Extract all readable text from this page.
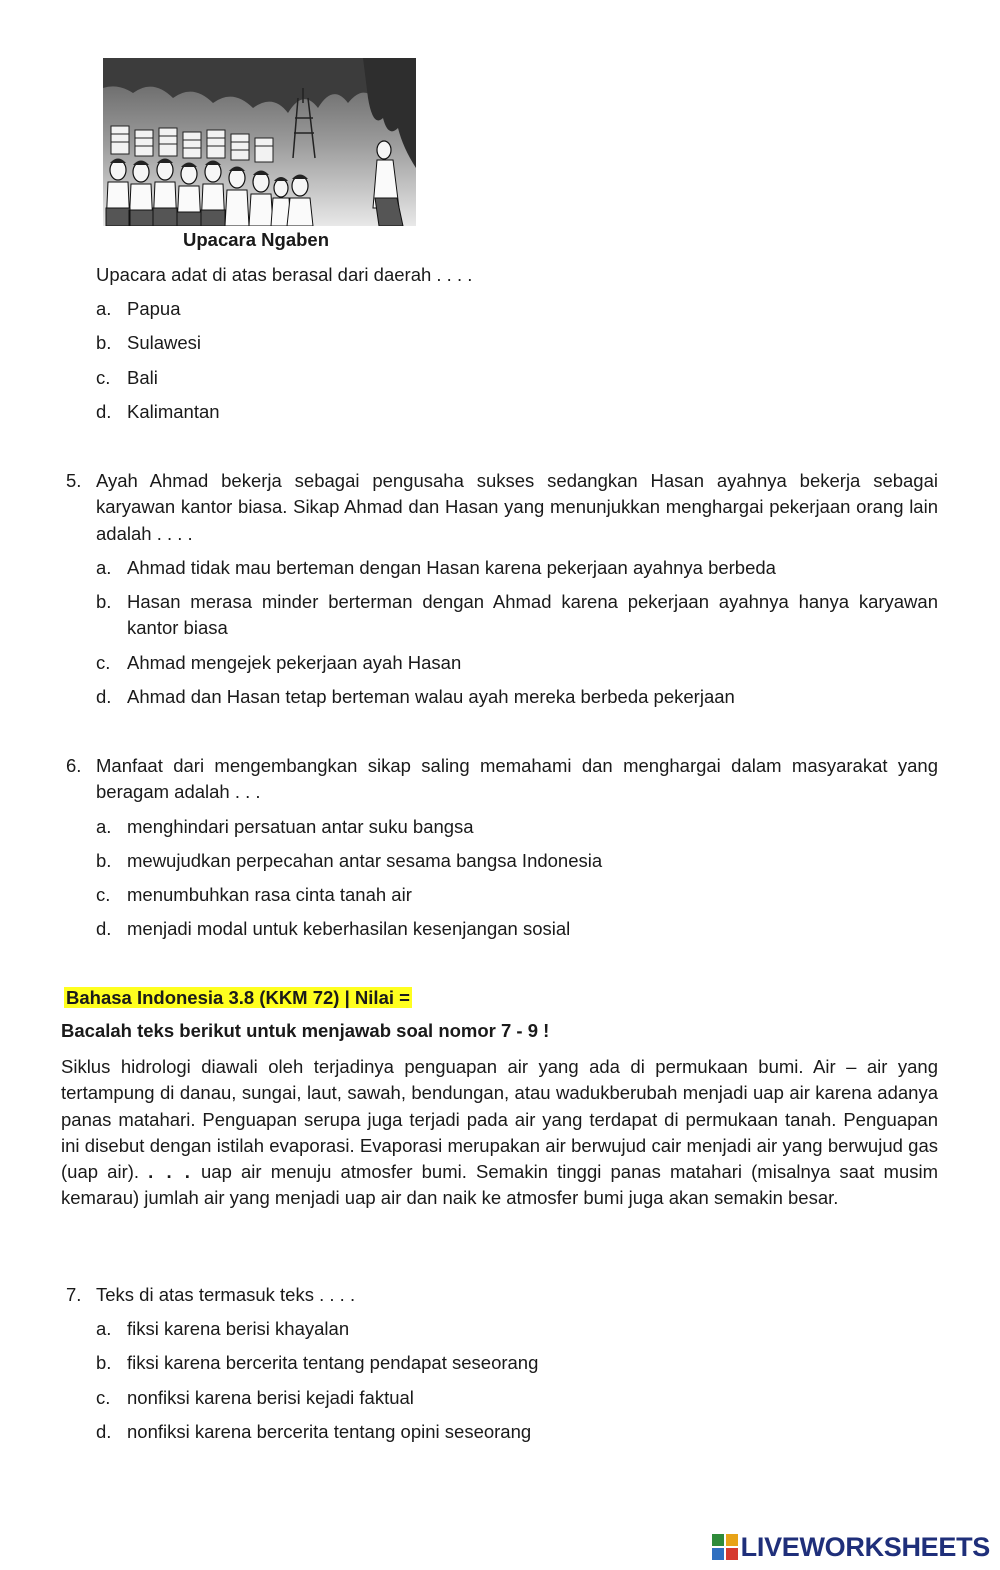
Upacara Ngaben
Upacara adat di atas berasal dari daerah . . . .
a. Papua
b. Sulawesi
c. Bali
d. Kalimantan
5. Ayah Ahmad bekerja sebagai pengusaha sukses sedangkan Hasan ayahnya bekerja sebagai karyawan kantor biasa. Sikap Ahmad dan Hasan yang menunjukkan menghargai pekerjaan orang lain adalah . . . .
a. Ahmad tidak mau berteman dengan Hasan karena pekerjaan ayahnya berbeda
b. Hasan merasa minder berterman dengan Ahmad karena pekerjaan ayahnya hanya karyawan kantor biasa
c. Ahmad mengejek pekerjaan ayah Hasan
d. Ahmad dan Hasan tetap berteman walau ayah mereka berbeda pekerjaan
6. Manfaat dari mengembangkan sikap saling memahami dan menghargai dalam masyarakat yang beragam adalah . . .
a. menghindari persatuan antar suku bangsa
b. mewujudkan perpecahan antar sesama bangsa Indonesia
c. menumbuhkan rasa cinta tanah air
d. menjadi modal untuk keberhasilan kesenjangan sosial
Bahasa Indonesia 3.8 (KKM 72) | Nilai =
Bacalah teks berikut untuk menjawab soal nomor 7 - 9 !
Siklus hidrologi diawali oleh terjadinya penguapan air yang ada di permukaan bumi. Air – air yang tertampung di danau, sungai, laut, sawah, bendungan, atau wadukberubah menjadi uap air karena adanya panas matahari. Penguapan serupa juga terjadi pada air yang terdapat di permukaan tanah. Penguapan ini disebut dengan istilah evaporasi. Evaporasi merupakan air berwujud cair menjadi air yang berwujud gas (uap air). . . . uap air menuju atmosfer bumi. Semakin tinggi panas matahari (misalnya saat musim kemarau) jumlah air yang menjadi uap air dan naik ke atmosfer bumi juga akan semakin besar.
7. Teks di atas termasuk teks . . . .
a. fiksi karena berisi khayalan
b. fiksi karena bercerita tentang pendapat seseorang
c. nonfiksi karena berisi kejadi faktual
d. nonfiksi karena bercerita tentang opini seseorang
LIVEWORKSHEETS
